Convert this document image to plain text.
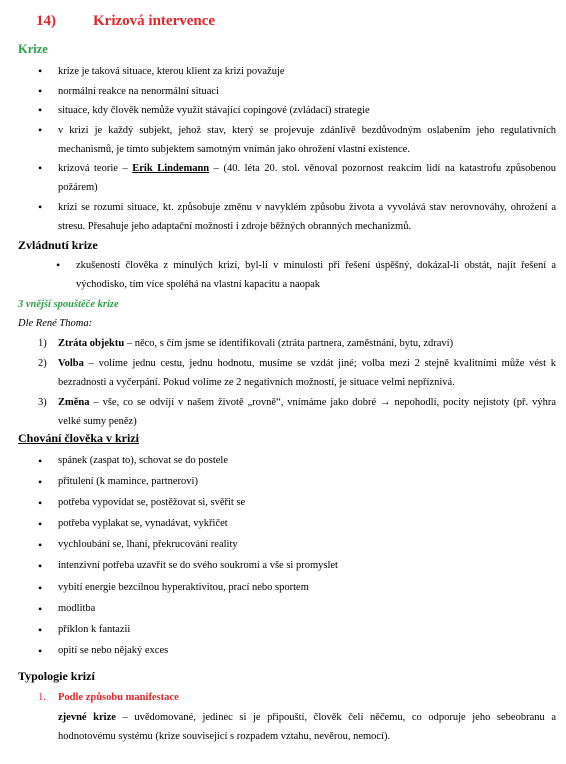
14) Krizová intervence
Krize
• krize je taková situace, kterou klient za krizi považuje
• normální reakce na nenormální situaci
• situace, kdy člověk nemůže využít stávající copingové (zvládací) strategie
• v krizi je každý subjekt, jehož stav, který se projevuje zdánlivě bezdůvodným oslabením jeho regulativních mechanismů, je tímto subjektem samotným vnímán jako ohrožení vlastní existence.
• krizová teorie – Erik Lindemann – (40. léta 20. stol. věnoval pozornost reakcím lidí na katastrofu způsobenou požárem)
• krizi se rozumí situace, kt. způsobuje změnu v navyklém způsobu života a vyvolává stav nerovnováhy, ohrožení a stresu. Přesahuje jeho adaptační možnosti i zdroje běžných obranných mechanizmů.
Zvládnutí krize
• zkušenosti člověka z minulých krizí, byl-li v minulosti při řešení úspěšný, dokázal-li obstát, najít řešení a východisko, tím více spoléhá na vlastní kapacitu a naopak
3 vnější spouštěče krize
Dle René Thoma:
1) Ztráta objektu – něco, s čím jsme se identifikovali (ztráta partnera, zaměstnání, bytu, zdraví)
2) Volba – volíme jednu cestu, jednu hodnotu, musíme se vzdát jiné; volba mezi 2 stejně kvalitními může vést k bezradnosti a vyčerpání. Pokud volíme ze 2 negativních možností, je situace velmi nepříznivá.
3) Změna – vše, co se odvíjí v našem životě „rovně“, vnímáme jako dobré → nepohodlí, pocity nejistoty (př. výhra velké sumy peněz)
Chování člověka v krizi
• spánek (zaspat to), schovat se do postele
• přitulení (k mamince, partnerovi)
• potřeba vypovídat se, postěžovat si, svěřit se
• potřeba vyplakat se, vynadávat, vykřičet
• vychloubání se, lhaní, překrucování reality
• intenzivní potřeba uzavřít se do svého soukromí a vše si promyslet
• vybití energie bezcílnou hyperaktivitou, prací nebo sportem
• modlitba
• příklon k fantazii
• opití se nebo nějaký exces
Typologie krizí
1. Podle způsobu manifestace
zjevné krize – uvědomované, jedinec si je připouští, člověk čelí něčemu, co odporuje jeho sebeobranu a hodnotovému systému (krize související s rozpadem vztahu, nevěrou, nemocí).
